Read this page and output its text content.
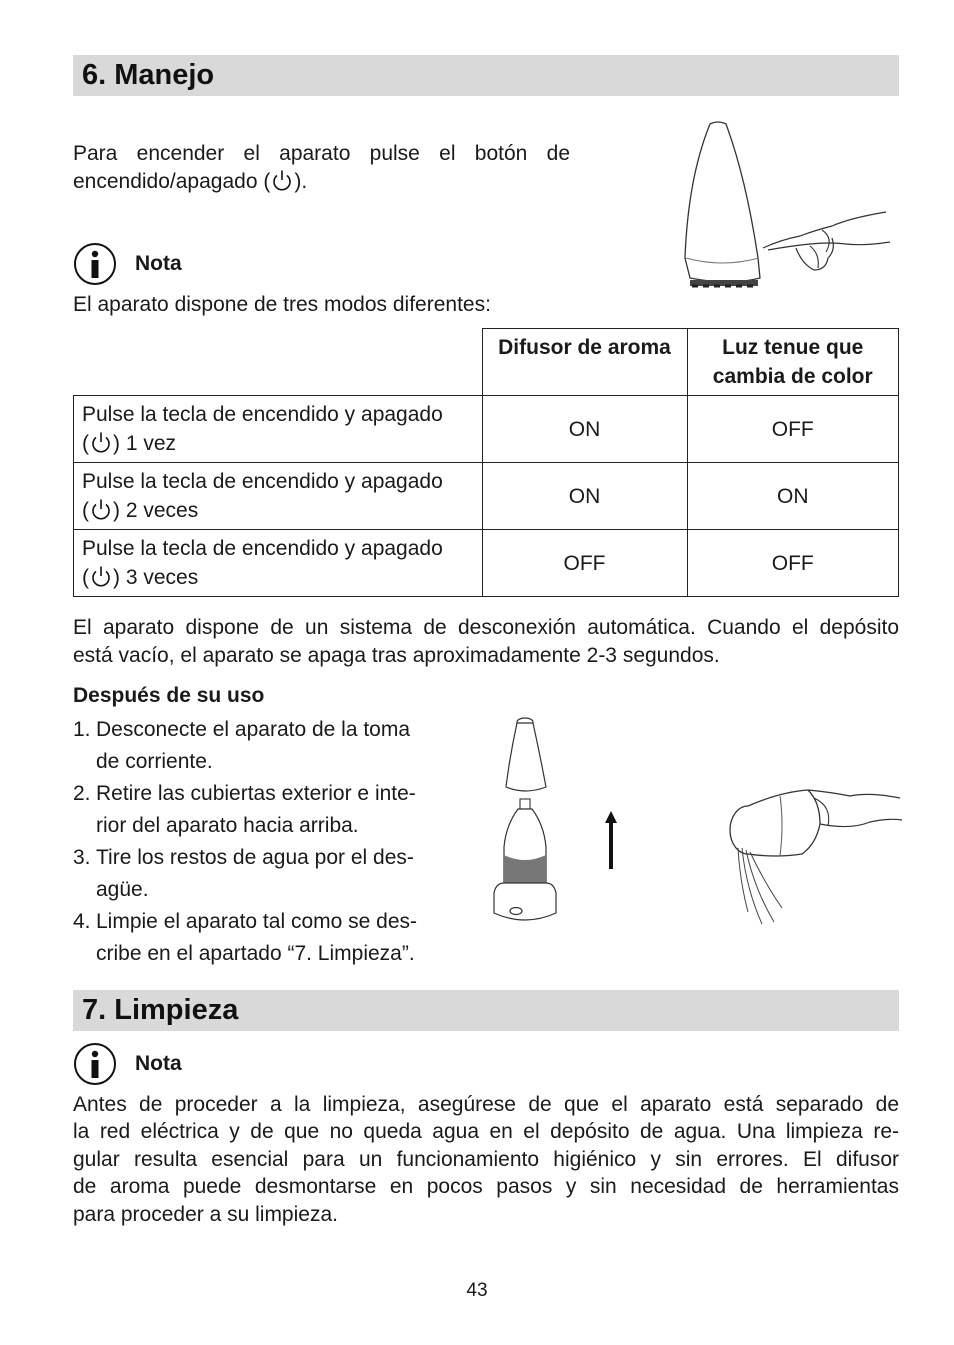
6. Manejo
Para encender el aparato pulse el botón de
encendido/apagado ( ).
Nota
El aparato dispone de tres modos diferentes:
	Difusor de aroma	Luz tenue que cambia de color

Pulse la tecla de encendido y apagado
( ) 1 vez	ON	OFF

Pulse la tecla de encendido y apagado
( ) 2 veces	ON	ON

Pulse la tecla de encendido y apagado
( ) 3 veces	OFF	OFF
El aparato dispone de un sistema de desconexión automática. Cuando el depósito
está vacío, el aparato se apaga tras aproximadamente 2-3 segundos.
Después de su uso
1. Desconecte el aparato de la toma
de corriente.
2. Retire las cubiertas exterior e inte-
rior del aparato hacia arriba.
3. Tire los restos de agua por el des-
agüe.
4. Limpie el aparato tal como se des-
cribe en el apartado “7. Limpieza”.
7. Limpieza
Nota
Antes de proceder a la limpieza, asegúrese de que el aparato está separado de
la red eléctrica y de que no queda agua en el depósito de agua. Una limpieza re-
gular resulta esencial para un funcionamiento higiénico y sin errores. El difusor
de aroma puede desmontarse en pocos pasos y sin necesidad de herramientas
para proceder a su limpieza.
43
